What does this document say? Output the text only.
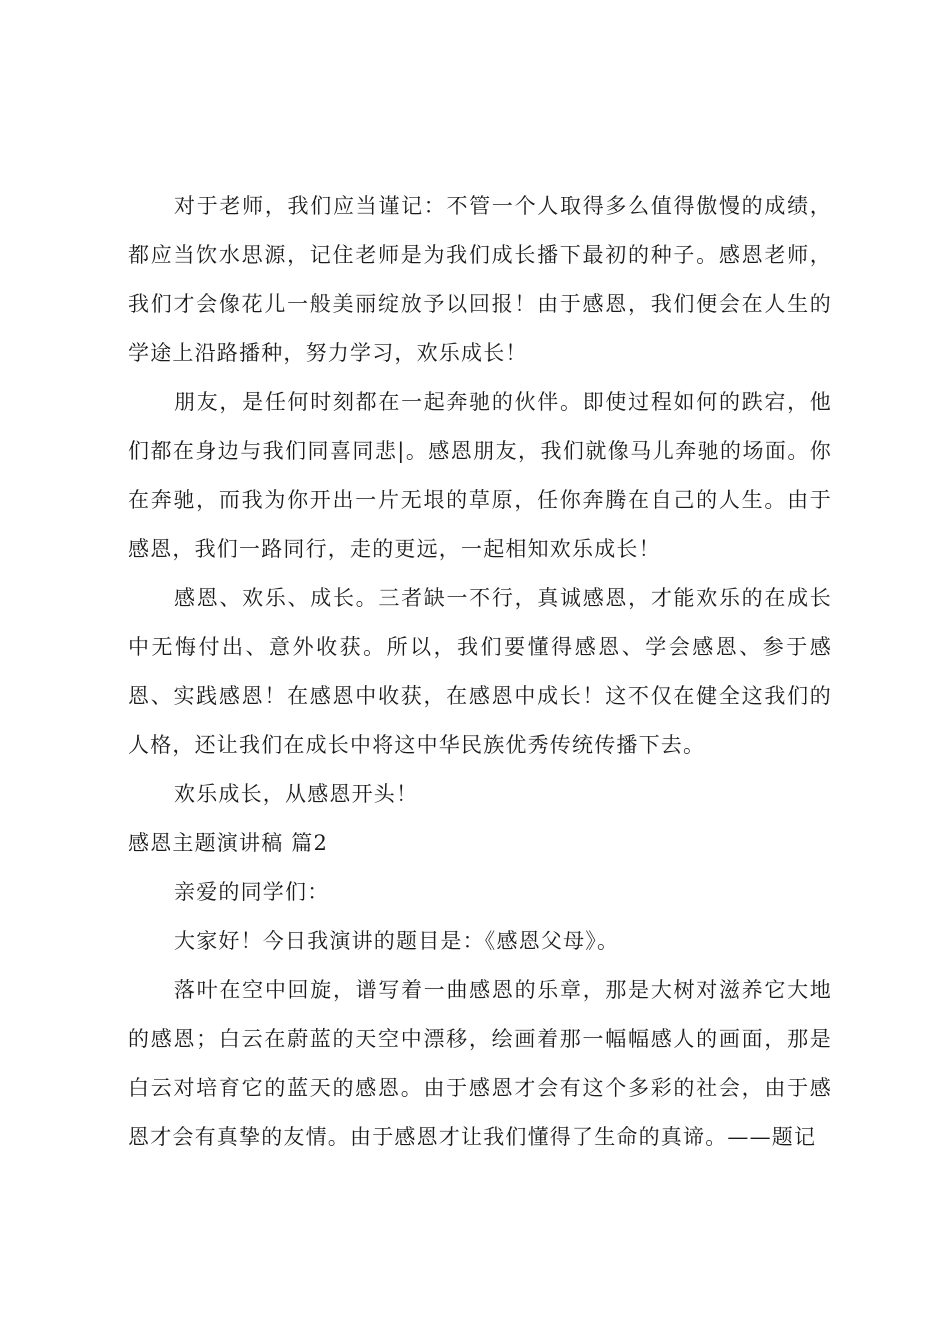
对于老师，我们应当谨记：不管一个人取得多么值得傲慢的成绩，都应当饮水思源，记住老师是为我们成长播下最初的种子。感恩老师，我们才会像花儿一般美丽绽放予以回报！由于感恩，我们便会在人生的学途上沿路播种，努力学习，欢乐成长！

朋友，是任何时刻都在一起奔驰的伙伴。即使过程如何的跌宕，他们都在身边与我们同喜同悲|。感恩朋友，我们就像马儿奔驰的场面。你在奔驰，而我为你开出一片无垠的草原，任你奔腾在自己的人生。由于感恩，我们一路同行，走的更远，一起相知欢乐成长！

感恩、欢乐、成长。三者缺一不行，真诚感恩，才能欢乐的在成长中无悔付出、意外收获。所以，我们要懂得感恩、学会感恩、参于感恩、实践感恩！在感恩中收获，在感恩中成长！这不仅在健全这我们的人格，还让我们在成长中将这中华民族优秀传统传播下去。

欢乐成长，从感恩开头！

感恩主题演讲稿 篇2

亲爱的同学们：

大家好！今日我演讲的题目是：《感恩父母》。

落叶在空中回旋，谱写着一曲感恩的乐章，那是大树对滋养它大地的感恩；白云在蔚蓝的天空中漂移，绘画着那一幅幅感人的画面，那是白云对培育它的蓝天的感恩。由于感恩才会有这个多彩的社会，由于感恩才会有真挚的友情。由于感恩才让我们懂得了生命的真谛。——题记
